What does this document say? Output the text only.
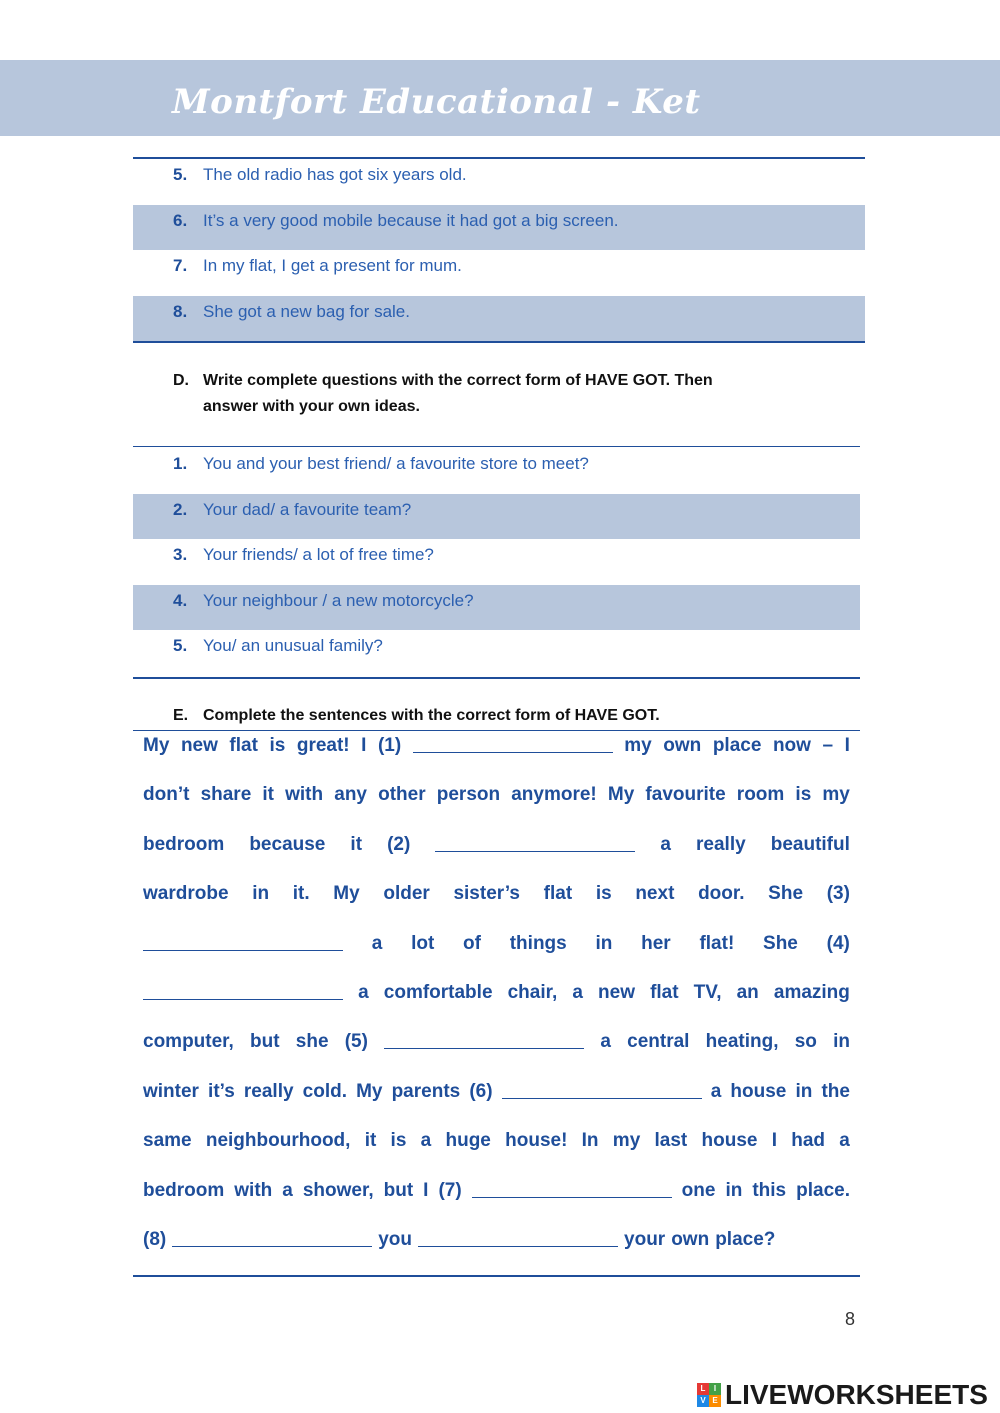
Montfort Educational - Ket
5. The old radio has got six years old.
6. It’s a very good mobile because it had got a big screen.
7. In my flat, I get a present for mum.
8. She got a new bag for sale.
D. Write complete questions with the correct form of HAVE GOT. Then
answer with your own ideas.
1. You and your best friend/ a favourite store to meet?
2. Your dad/ a favourite team?
3. Your friends/ a lot of free time?
4. Your neighbour / a new motorcycle?
5. You/ an unusual family?
E. Complete the sentences with the correct form of HAVE GOT.
My new flat is great! I (1)	my own place now – I
don’t share it with any other person anymore! My favourite room is my
bedroom because it (2)	a really beautiful
wardrobe in it. My older sister’s flat is next door. She (3)
a lot of things in her flat! She (4)
a comfortable chair, a new flat TV, an amazing
computer, but she (5)	a central heating, so in
winter it’s really cold. My parents (6)	a house in the
same neighbourhood, it is a huge house! In my last house I had a
bedroom with a shower, but I (7)	one in this place.
(8)	you	your own place?
8
L	I
V E LIVEWORKSHEETS
